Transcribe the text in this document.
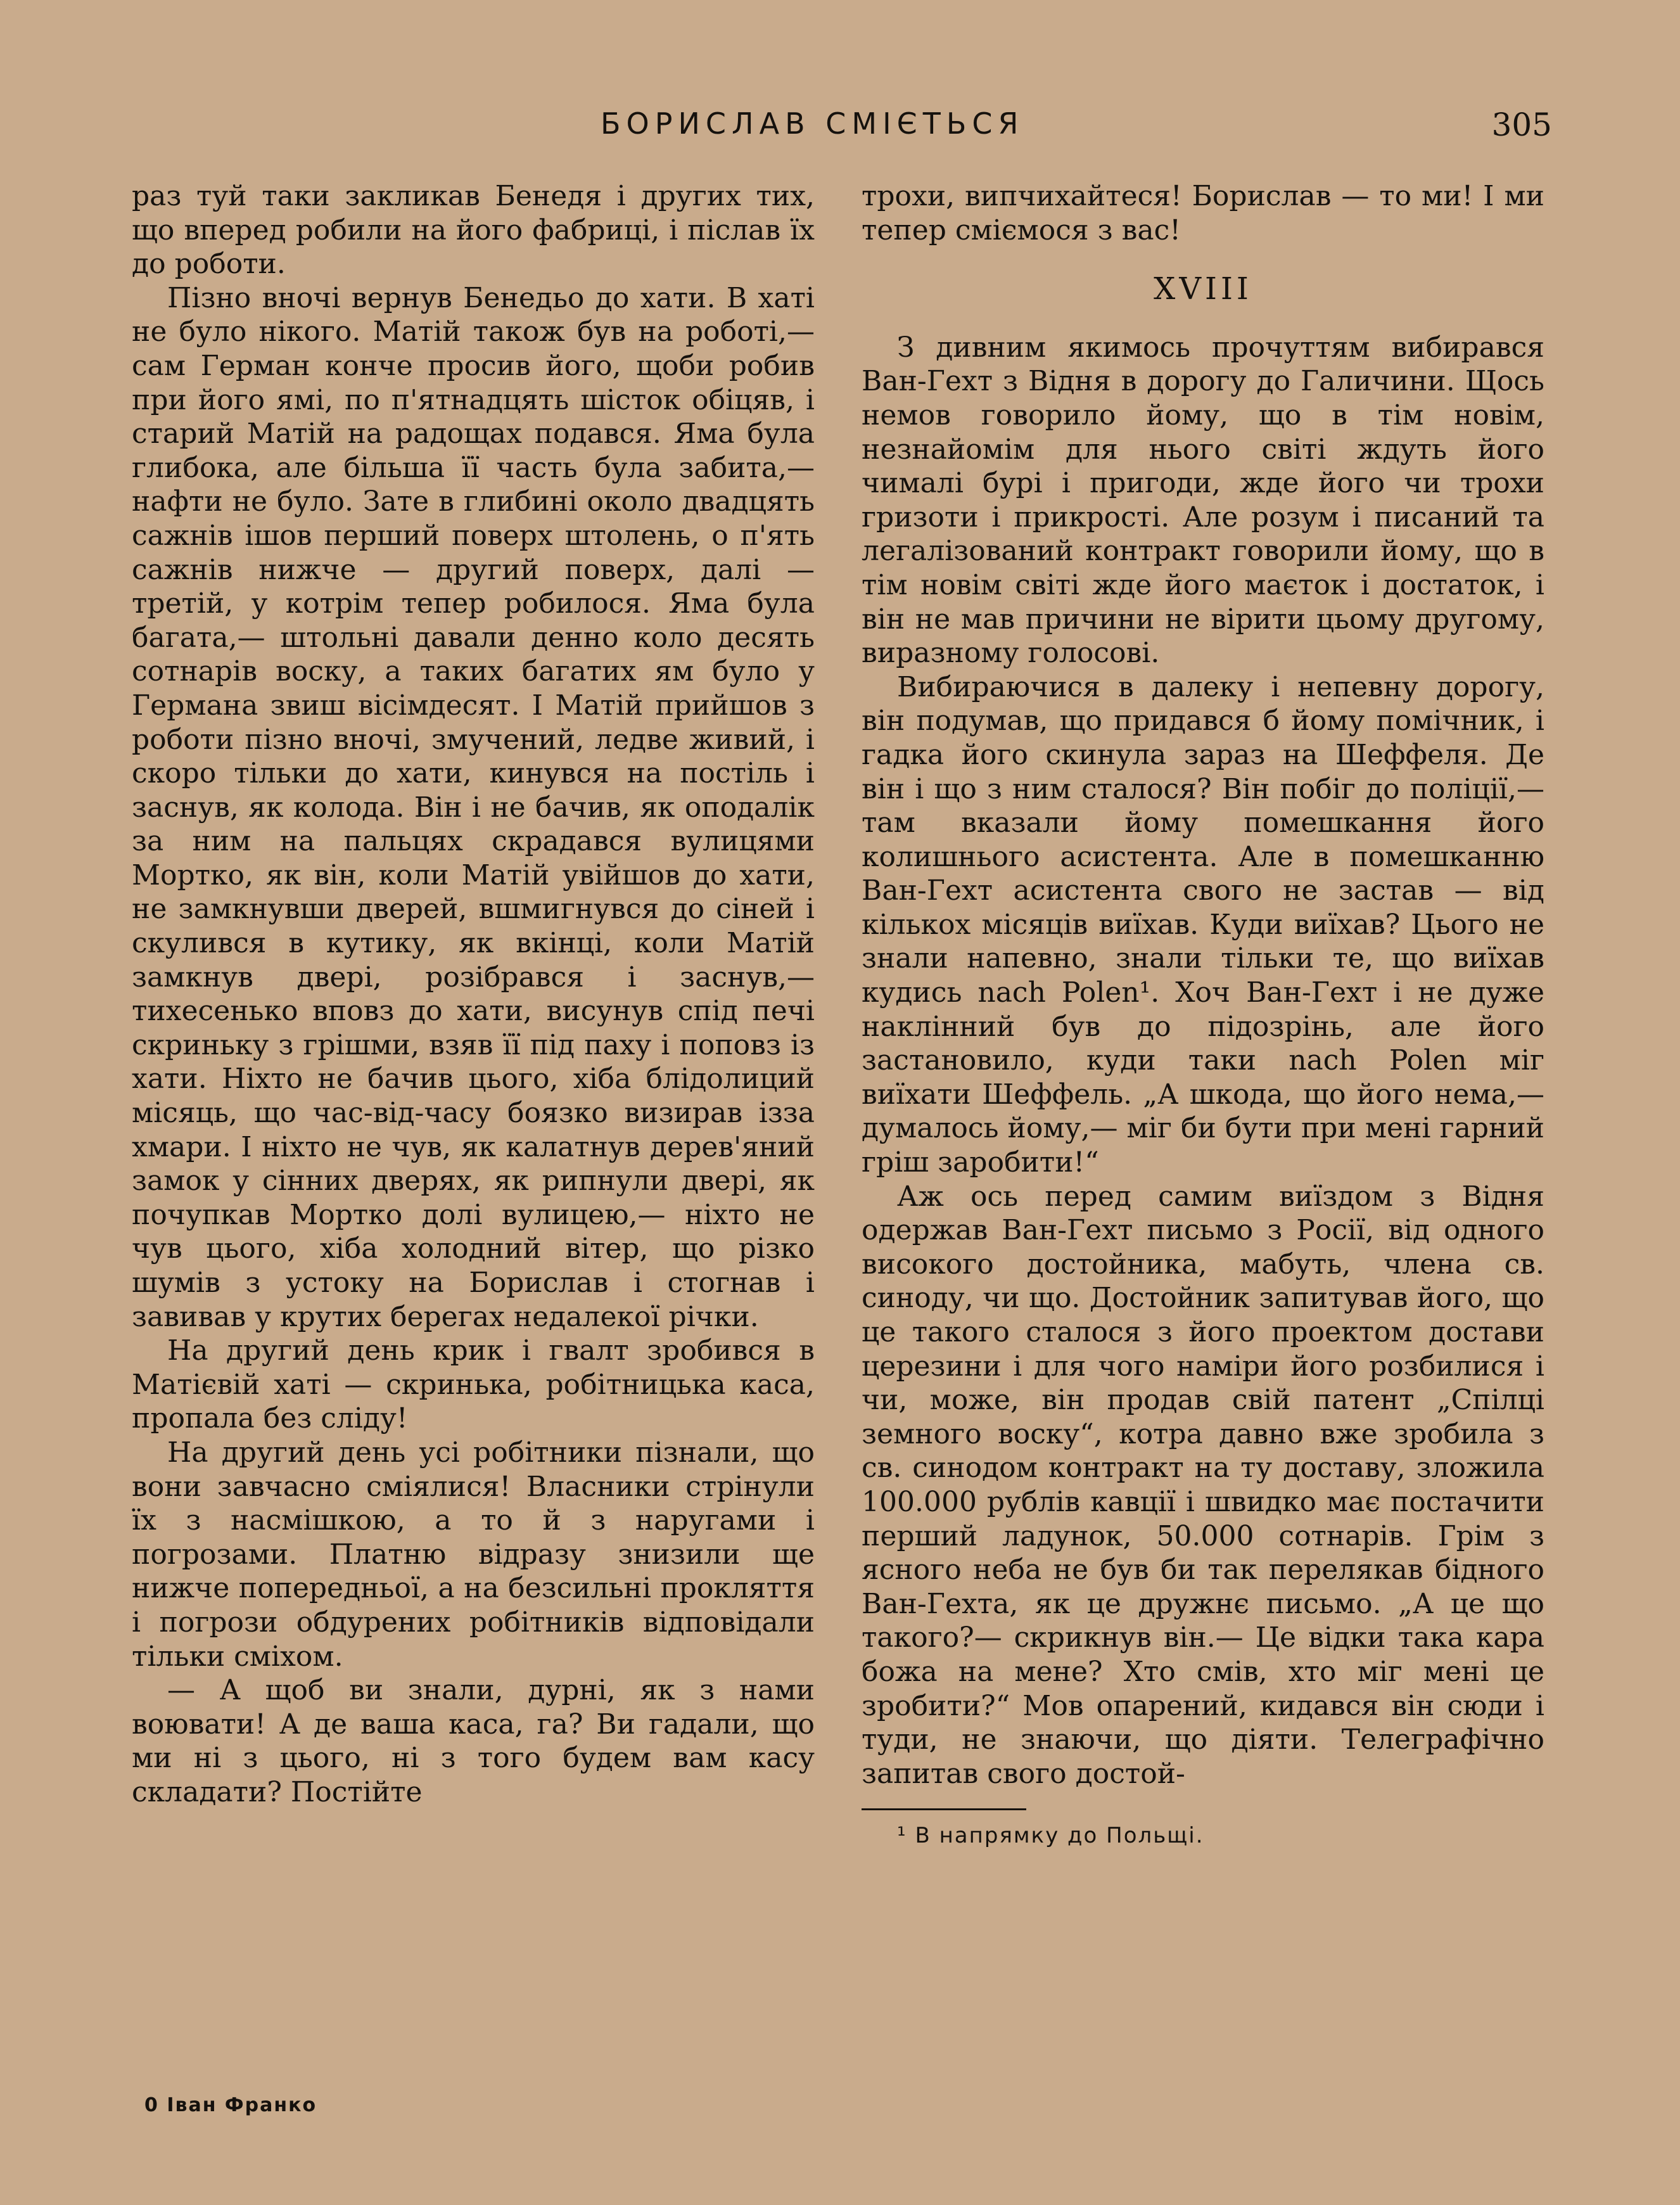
БОРИСЛАВ СМІЄТЬСЯ	305

раз туй таки закликав Бенедя і других тих, що вперед робили на його фабриці, і післав їх до роботи.

Пізно вночі вернув Бенедьо до хати. В хаті не було нікого. Матій також був на роботі,— сам Герман конче просив його, щоби робив при його ямі, по п'ятнадцять шісток обіцяв, і старий Матій на радощах подався. Яма була глибока, але більша її часть була забита,— нафти не було. Зате в глибині около двадцять сажнів ішов перший поверх штолень, о п'ять сажнів нижче — другий поверх, далі — третій, у котрім тепер робилося. Яма була багата,— штольні давали денно коло десять сотнарів воску, а таких багатих ям було у Германа звиш вісімдесят. І Матій прийшов з роботи пізно вночі, змучений, ледве живий, і скоро тільки до хати, кинувся на постіль і заснув, як колода. Він і не бачив, як оподалік за ним на пальцях скрадався вулицями Мортко, як він, коли Матій увійшов до хати, не замкнувши дверей, вшмигнувся до сіней і скулився в кутику, як вкінці, коли Матій замкнув двері, розібрався і заснув,— тихесенько вповз до хати, висунув спід печі скриньку з грішми, взяв її під паху і поповз із хати. Ніхто не бачив цього, хіба блідолиций місяць, що час-від-часу боязко визирав ізза хмари. І ніхто не чув, як калатнув дерев'яний замок у сінних дверях, як рипнули двері, як почупкав Мортко долі вулицею,— ніхто не чув цього, хіба холодний вітер, що різко шумів з устоку на Борислав і стогнав і завивав у крутих берегах недалекої річки.

На другий день крик і гвалт зробився в Матієвій хаті — скринька, робітницька каса, пропала без сліду!

На другий день усі робітники пізнали, що вони завчасно сміялися! Власники стрінули їх з насмішкою, а то й з наругами і погрозами. Платню відразу знизили ще нижче попередньої, а на безсильні прокляття і погрози обдурених робітників відповідали тільки сміхом.

— А щоб ви знали, дурні, як з нами воювати! А де ваша каса, га? Ви гадали, що ми ні з цього, ні з того будем вам касу складати? Постійте

трохи, випчихайтеся! Борислав — то ми! І ми тепер сміємося з вас!

XVIII

З дивним якимось прочуттям вибирався Ван-Гехт з Відня в дорогу до Галичини. Щось немов говорило йому, що в тім новім, незнайомім для нього світі ждуть його чималі бурі і пригоди, жде його чи трохи гризоти і прикрості. Але розум і писаний та легалізований контракт говорили йому, що в тім новім світі жде його маєток і достаток, і він не мав причини не вірити цьому другому, виразному голосові.

Вибираючися в далеку і непевну дорогу, він подумав, що придався б йому помічник, і гадка його скинула зараз на Шеффеля. Де він і що з ним сталося? Він побіг до поліції,— там вказали йому помешкання його колишнього асистента. Але в помешканню Ван-Гехт асистента свого не застав — від кількох місяців виїхав. Куди виїхав? Цього не знали напевно, знали тільки те, що виїхав кудись nach Polen¹. Хоч Ван-Гехт і не дуже наклінний був до підозрінь, але його застановило, куди таки nach Polen міг виїхати Шеффель. „А шкода, що його нема,— думалось йому,— міг би бути при мені гарний гріш заробити!“

Аж ось перед самим виїздом з Відня одержав Ван-Гехт письмо з Росії, від одного високого достойника, мабуть, члена св. синоду, чи що. Достойник запитував його, що це такого сталося з його проектом достави церезини і для чого наміри його розбилися і чи, може, він продав свій патент „Спілці земного воску“, котра давно вже зробила з св. синодом контракт на ту доставу, зложила 100.000 рублів кавції і швидко має постачити перший ладунок, 50.000 сотнарів. Грім з ясного неба не був би так перелякав бідного Ван-Гехта, як це дружнє письмо. „А це що такого?— скрикнув він.— Це відки така кара божа на мене? Хто смів, хто міг мені це зробити?“ Мов опарений, кидався він сюди і туди, не знаючи, що діяти. Телеграфічно запитав свого достой-

¹ В напрямку до Польщі.
0 Іван Франко
